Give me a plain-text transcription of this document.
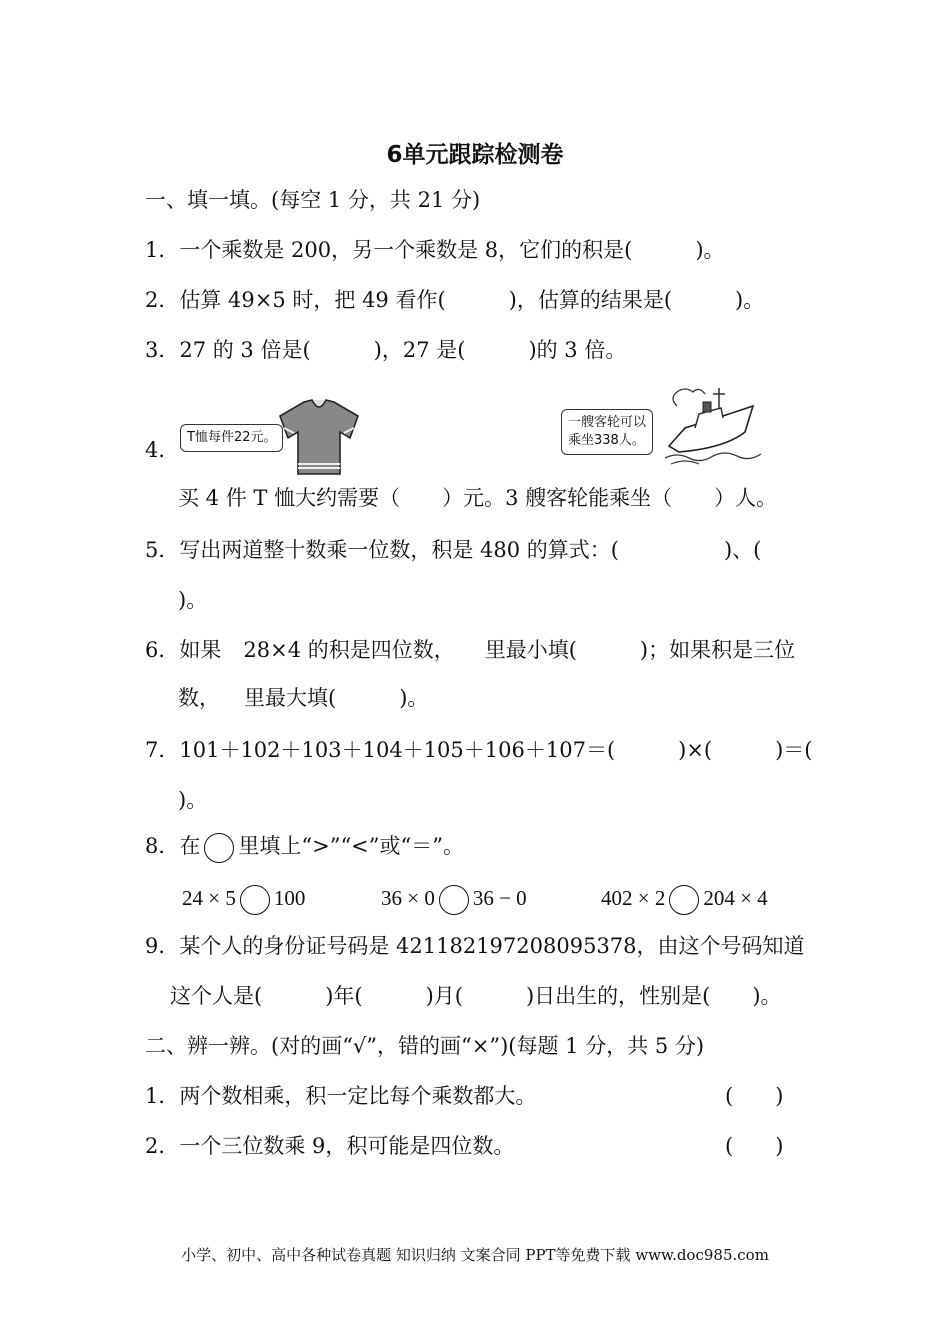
6单元跟踪检测卷
一、填一填。(每空 1 分，共 21 分)
1．一个乘数是 200，另一个乘数是 8，它们的积是(　　　)。
2．估算 49×5 时，把 49 看作(　　　)，估算的结果是(　　　)。
3．27 的 3 倍是(　　　)，27 是(　　　)的 3 倍。
4．
T恤每件22元。
一艘客轮可以
乘坐338人。
买 4 件 T 恤大约需要（　　）元。3 艘客轮能乘坐（　　）人。
5．写出两道整十数乘一位数，积是 480 的算式：(　　　　　)、(
)。
6．如果 28×4 的积是四位数， 里最小填(　　　)；如果积是三位
数， 里最大填(　　　)。
7．101＋102＋103＋104＋105＋106＋107＝(　　　)×(　　　)＝(
)。
8．在 里填上“>”“<”或“＝”。
24 × 5 100	36 × 0 36 − 0	402 × 2 204 × 4
9．某个人的身份证号码是 421182197208095378，由这个号码知道
这个人是(　　　)年(　　　)月(　　　)日出生的，性别是(　　)。
二、辨一辨。(对的画“√”，错的画“×”)(每题 1 分，共 5 分)
1．两个数相乘，积一定比每个乘数都大。	(　　)
2．一个三位数乘 9，积可能是四位数。	(　　)
小学、初中、高中各种试卷真题 知识归纳 文案合同 PPT等免费下载 www.doc985.com
